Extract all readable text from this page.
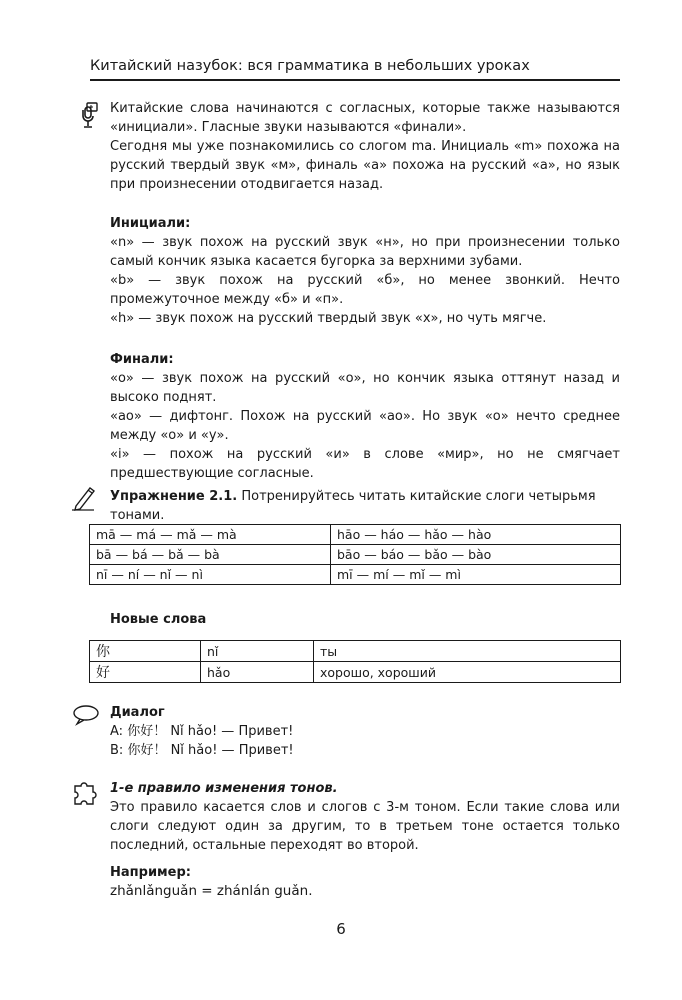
Китайский назубок: вся грамматика в небольших уроках

Китайские слова начинаются с согласных, которые также называются «инициали». Гласные звуки называются «финали».

Сегодня мы уже познакомились со слогом ma. Инициаль «m» похожа на русский твердый звук «м», финаль «a» похожа на русский «а», но язык при произнесении отодвигается назад.

Инициали:

«n» — звук похож на русский звук «н», но при произнесении только самый кончик языка касается бугорка за верхними зубами.

«b» — звук похож на русский «б», но менее звонкий. Нечто промежуточное между «б» и «п».

«h» — звук похож на русский твердый звук «х», но чуть мягче.

Финали:

«o» — звук похож на русский «о», но кончик языка оттянут назад и высоко поднят.

«ao» — дифтонг. Похож на русский «ао». Но звук «о» нечто среднее между «о» и «у».

«i» — похож на русский «и» в слове «мир», но не смягчает предшествующие согласные.

Упражнение 2.1. Потренируйтесь читать китайские слоги четырьмя тонами.

mā — má — mǎ — mà	hāo — háo — hǎo — hào
bā — bá — bǎ — bà	bāo — báo — bǎo — bào
nī — ní — nǐ — nì	mī — mí — mǐ — mì

Новые слова

你	nǐ	ты
好	hǎo	хорошо, хороший

Диалог

A: 你好！ Nǐ hǎo! — Привет!

B: 你好！ Nǐ hǎo! — Привет!

1-е правило изменения тонов.

Это правило касается слов и слогов с 3-м тоном. Если такие слова или слоги следуют один за другим, то в третьем тоне остается только последний, остальные переходят во второй.

Например:

zhǎnlǎnguǎn = zhánlán guǎn.

6
